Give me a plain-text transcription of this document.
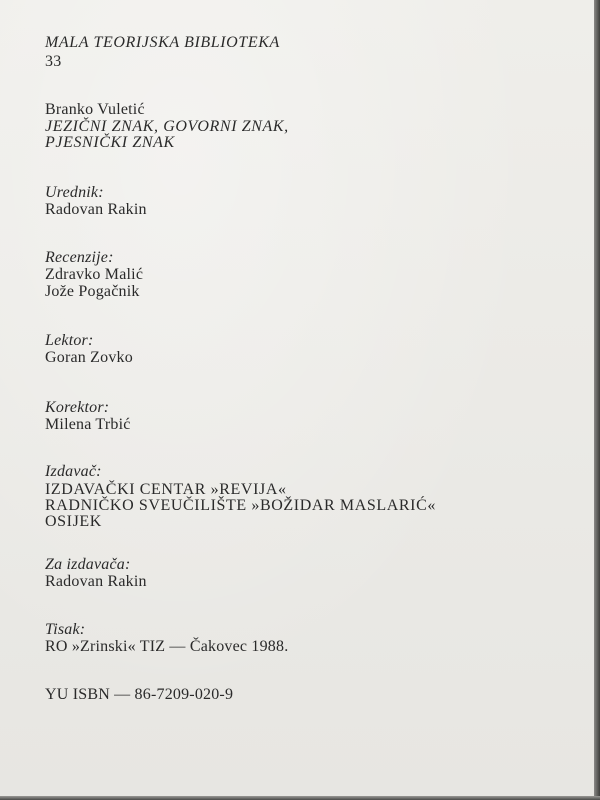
MALA TEORIJSKA BIBLIOTEKA
33
Branko Vuletić
JEZIČNI ZNAK, GOVORNI ZNAK,
PJESNIČKI ZNAK
Urednik:
Radovan Rakin
Recenzije:
Zdravko Malić
Jože Pogačnik
Lektor:
Goran Zovko
Korektor:
Milena Trbić
Izdavač:
IZDAVAČKI CENTAR »REVIJA«
RADNIČKO SVEUČILIŠTE »BOŽIDAR MASLARIĆ«
OSIJEK
Za izdavača:
Radovan Rakin
Tisak:
RO »Zrinski« TIZ — Čakovec 1988.
YU ISBN — 86-7209-020-9
